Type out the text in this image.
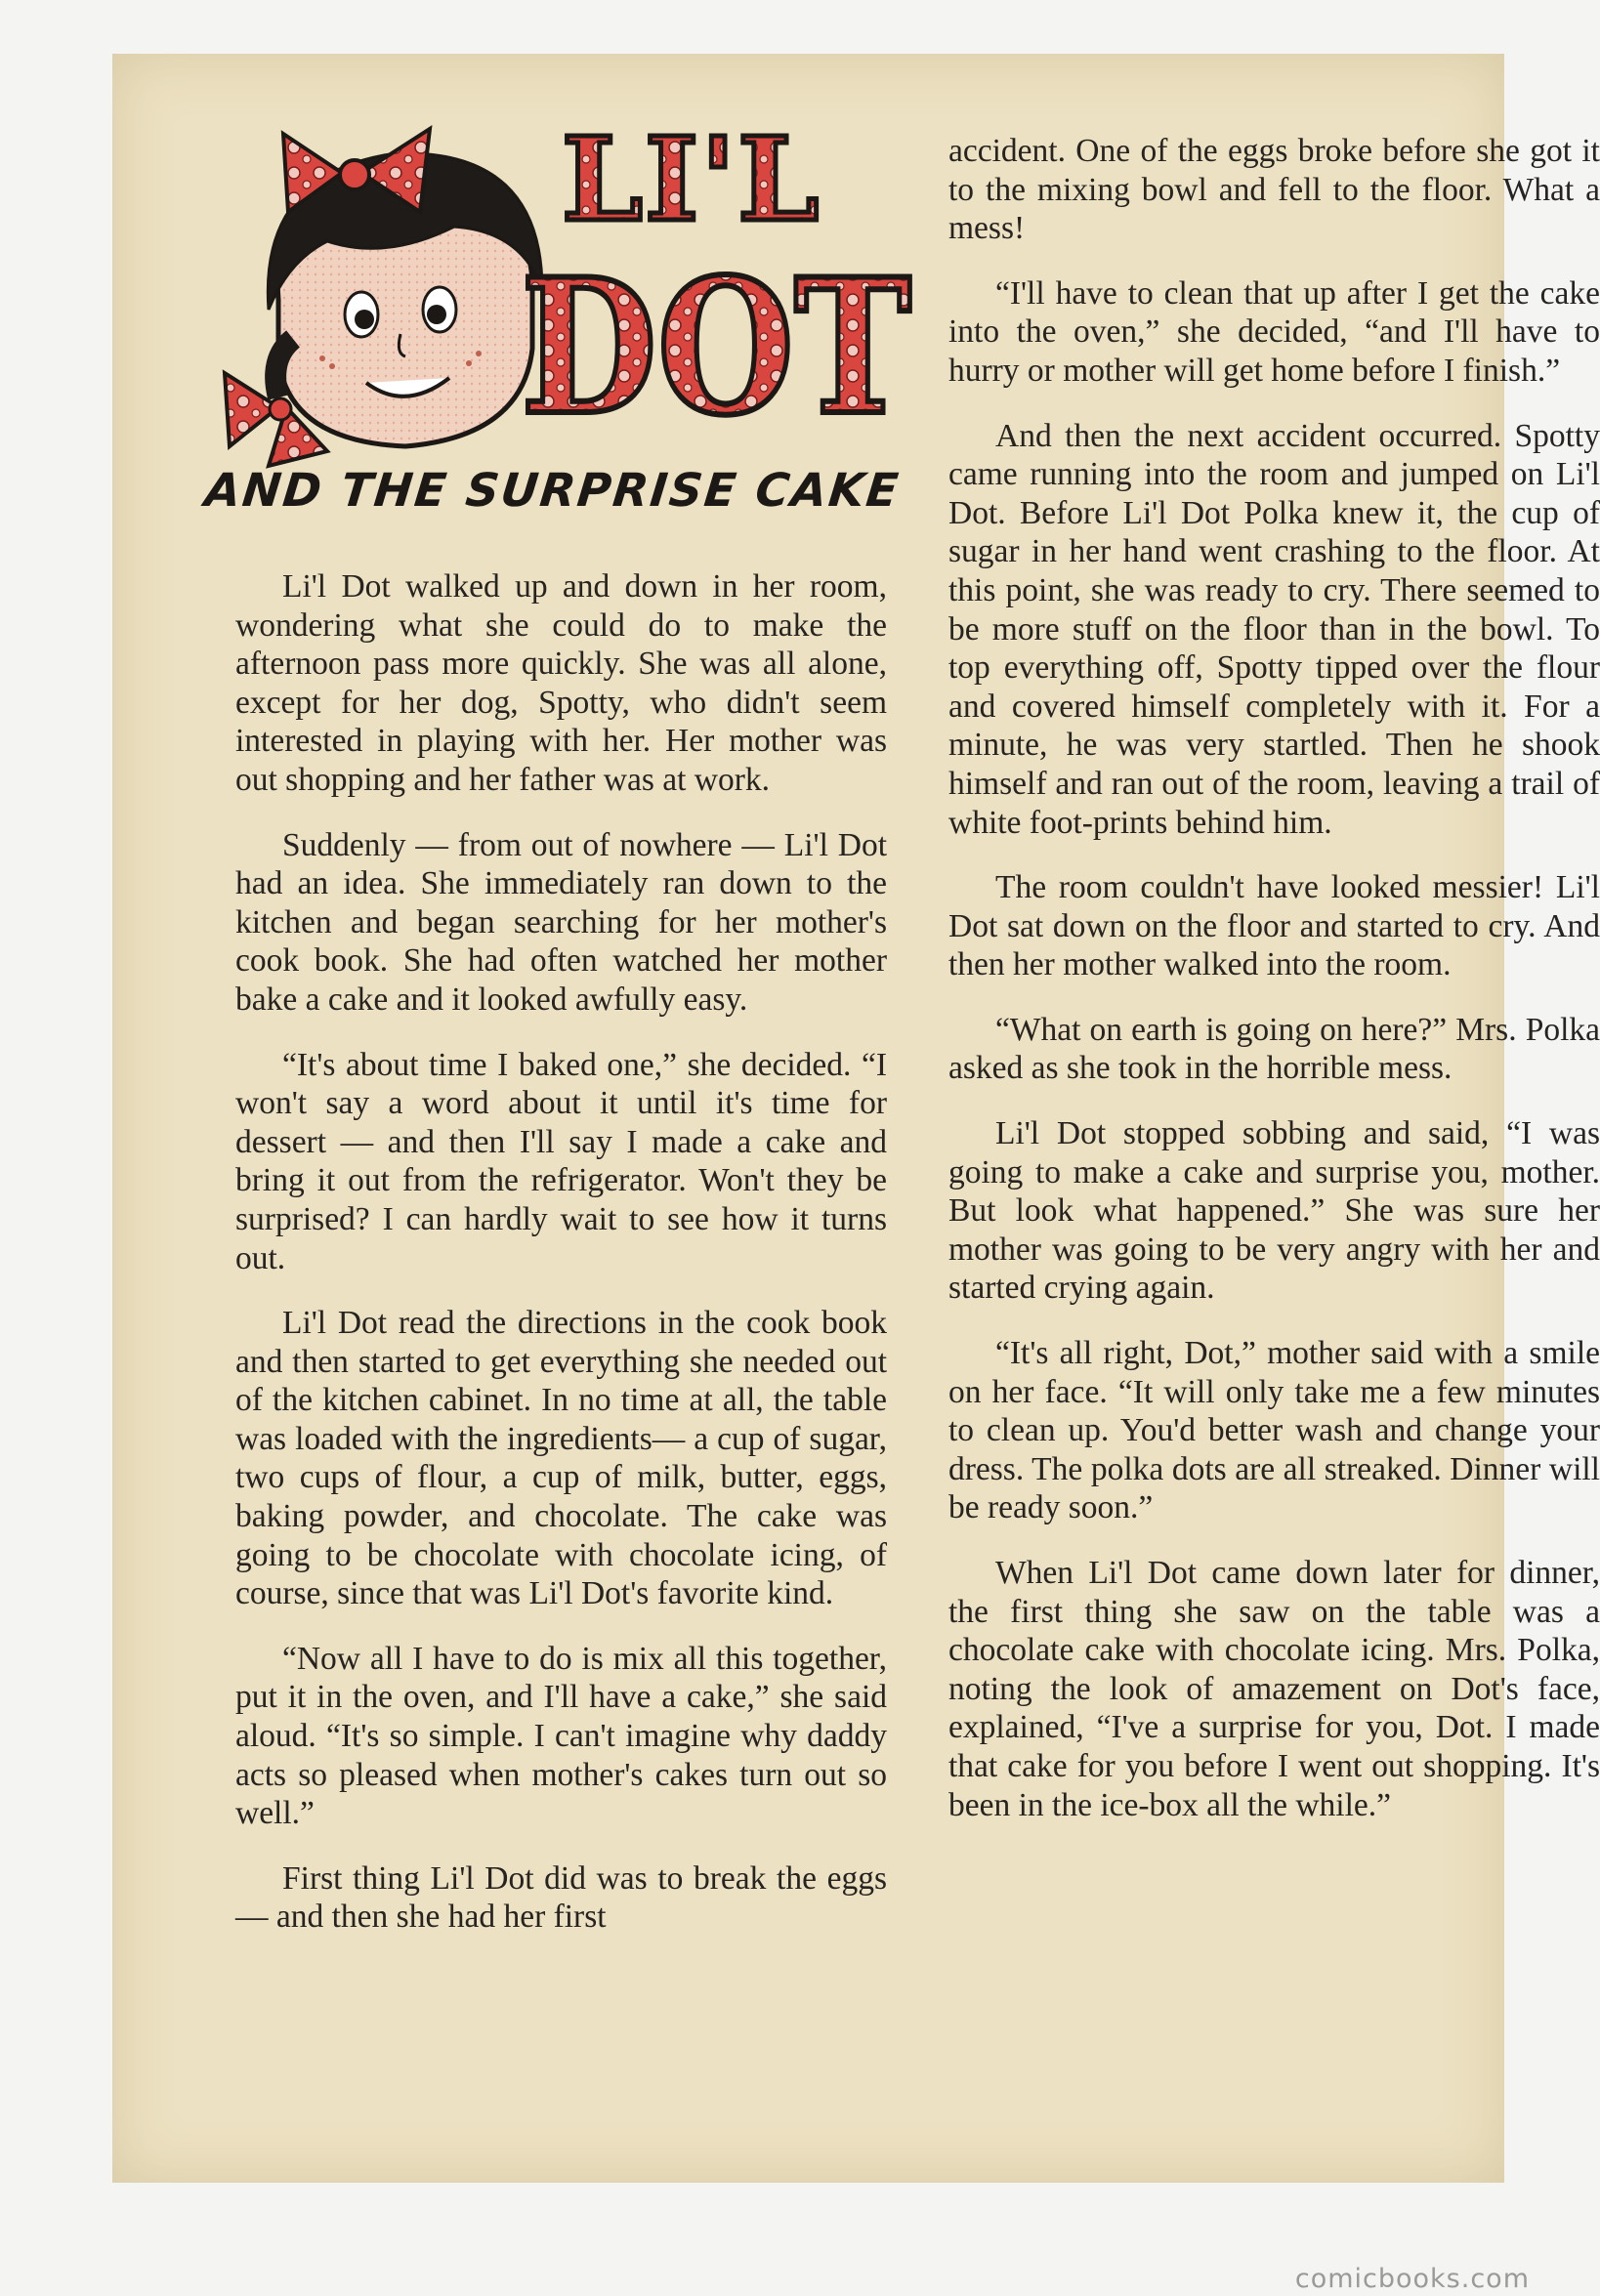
LI'L
DOT
AND THE SURPRISE CAKE

Li'l Dot walked up and down in her room, wondering what she could do to make the afternoon pass more quickly. She was all alone, except for her dog, Spotty, who didn't seem interested in playing with her. Her mother was out shopping and her father was at work.

Suddenly — from out of nowhere — Li'l Dot had an idea. She immediately ran down to the kitchen and began searching for her mother's cook book. She had often watched her mother bake a cake and it looked awfully easy.

“It's about time I baked one,” she decided. “I won't say a word about it until it's time for dessert — and then I'll say I made a cake and bring it out from the refrigerator. Won't they be surprised? I can hardly wait to see how it turns out.

Li'l Dot read the directions in the cook book and then started to get everything she needed out of the kitchen cabinet. In no time at all, the table was loaded with the ingredients— a cup of sugar, two cups of flour, a cup of milk, butter, eggs, baking powder, and chocolate. The cake was going to be chocolate with chocolate icing, of course, since that was Li'l Dot's favorite kind.

“Now all I have to do is mix all this together, put it in the oven, and I'll have a cake,” she said aloud. “It's so simple. I can't imagine why daddy acts so pleased when mother's cakes turn out so well.”

First thing Li'l Dot did was to break the eggs — and then she had her first

accident. One of the eggs broke before she got it to the mixing bowl and fell to the floor. What a mess!

“I'll have to clean that up after I get the cake into the oven,” she decided, “and I'll have to hurry or mother will get home before I finish.”

And then the next accident occurred. Spotty came running into the room and jumped on Li'l Dot. Before Li'l Dot Polka knew it, the cup of sugar in her hand went crashing to the floor. At this point, she was ready to cry. There seemed to be more stuff on the floor than in the bowl. To top everything off, Spotty tipped over the flour and covered himself completely with it. For a minute, he was very startled. Then he shook himself and ran out of the room, leaving a trail of white foot-prints behind him.

The room couldn't have looked messier! Li'l Dot sat down on the floor and started to cry. And then her mother walked into the room.

“What on earth is going on here?” Mrs. Polka asked as she took in the horrible mess.

Li'l Dot stopped sobbing and said, “I was going to make a cake and surprise you, mother. But look what happened.” She was sure her mother was going to be very angry with her and started crying again.

“It's all right, Dot,” mother said with a smile on her face. “It will only take me a few minutes to clean up. You'd better wash and change your dress. The polka dots are all streaked. Dinner will be ready soon.”

When Li'l Dot came down later for dinner, the first thing she saw on the table was a chocolate cake with chocolate icing. Mrs. Polka, noting the look of amazement on Dot's face, explained, “I've a surprise for you, Dot. I made that cake for you before I went out shopping. It's been in the ice-box all the while.”

comicbooks.com
